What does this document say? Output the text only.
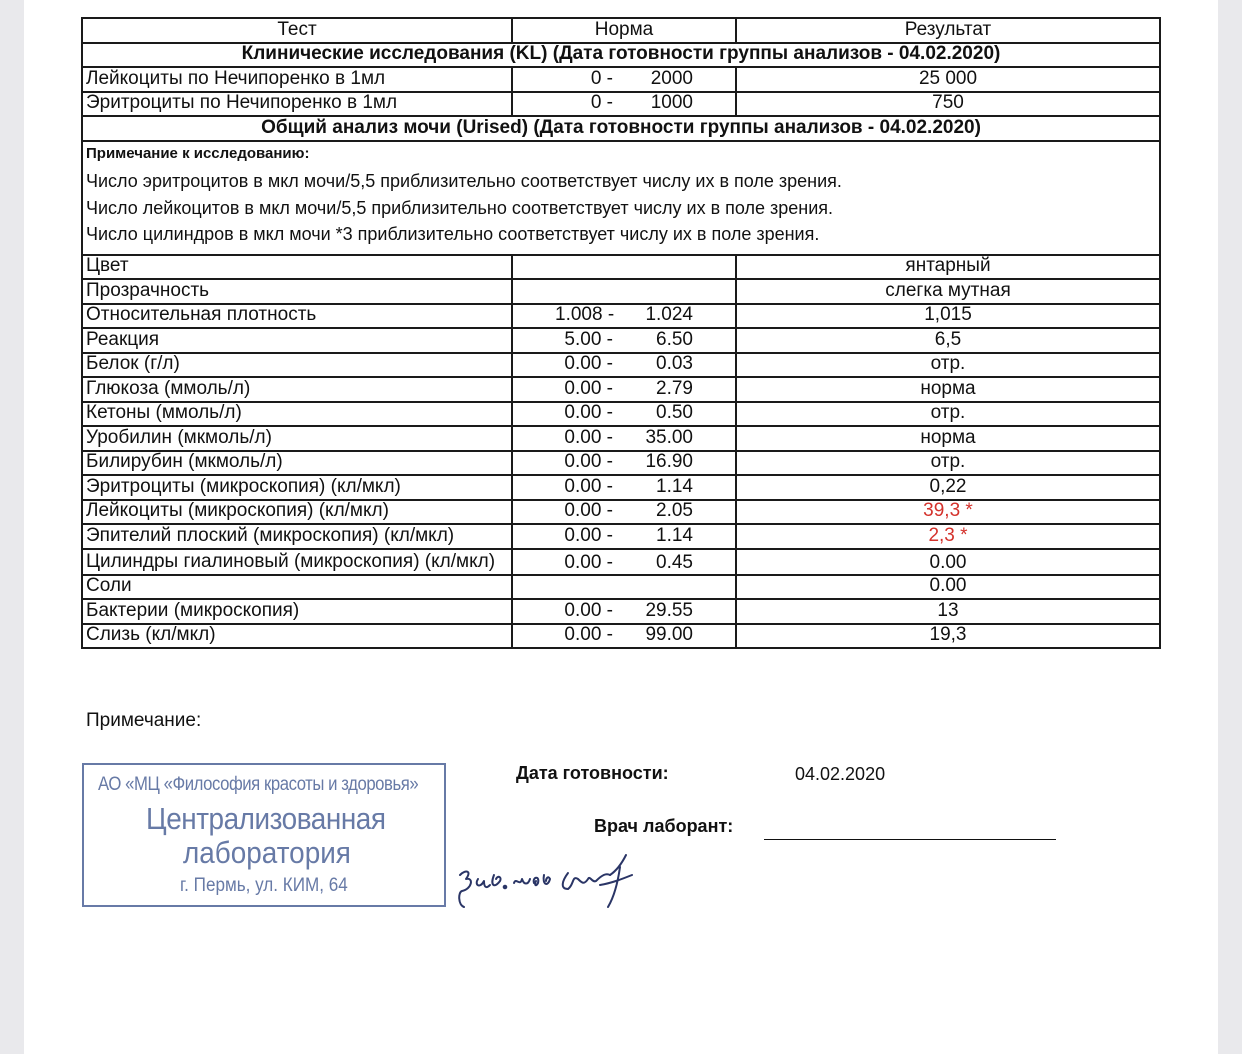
Тест	Норма	Результат
Клинические исследования (KL) (Дата готовности группы анализов - 04.02.2020)		
Лейкоциты по Нечипоренко в 1мл	0 - 2000	25 000
Эритроциты по Нечипоренко в 1мл	0 - 1000	750
Общий анализ мочи (Urised) (Дата готовности группы анализов - 04.02.2020)		

Примечание к исследованию:
Число эритроцитов в мкл мочи/5,5 приблизительно соответствует числу их в поле зрения.
Число лейкоцитов в мкл мочи/5,5 приблизительно соответствует числу их в поле зрения.
Число цилиндров в мкл мочи *3 приблизительно соответствует числу их в поле зрения.		

Цвет		янтарный
Прозрачность		слегка мутная
Относительная плотность	1.008 - 1.024	1,015
Реакция	5.00 - 6.50	6,5
Белок (г/л)	0.00 - 0.03	отр.
Глюкоза (ммоль/л)	0.00 - 2.79	норма
Кетоны (ммоль/л)	0.00 - 0.50	отр.
Уробилин (мкмоль/л)	0.00 - 35.00	норма
Билирубин (мкмоль/л)	0.00 - 16.90	отр.
Эритроциты (микроскопия) (кл/мкл)	0.00 - 1.14	0,22
Лейкоциты (микроскопия) (кл/мкл)	0.00 - 2.05	39,3 *
Эпителий плоский (микроскопия) (кл/мкл)	0.00 - 1.14	2,3 *
Цилиндры гиалиновый (микроскопия) (кл/мкл)	0.00 - 0.45	0.00
Соли		0.00
Бактерии (микроскопия)	0.00 - 29.55	13
Слизь (кл/мкл)	0.00 - 99.00	19,3
Примечание:
АО «МЦ «Философия красоты и здоровья»
Централизованная
лаборатория
г. Пермь, ул. КИМ, 64
Дата готовности:	04.02.2020
Врач лаборант:
